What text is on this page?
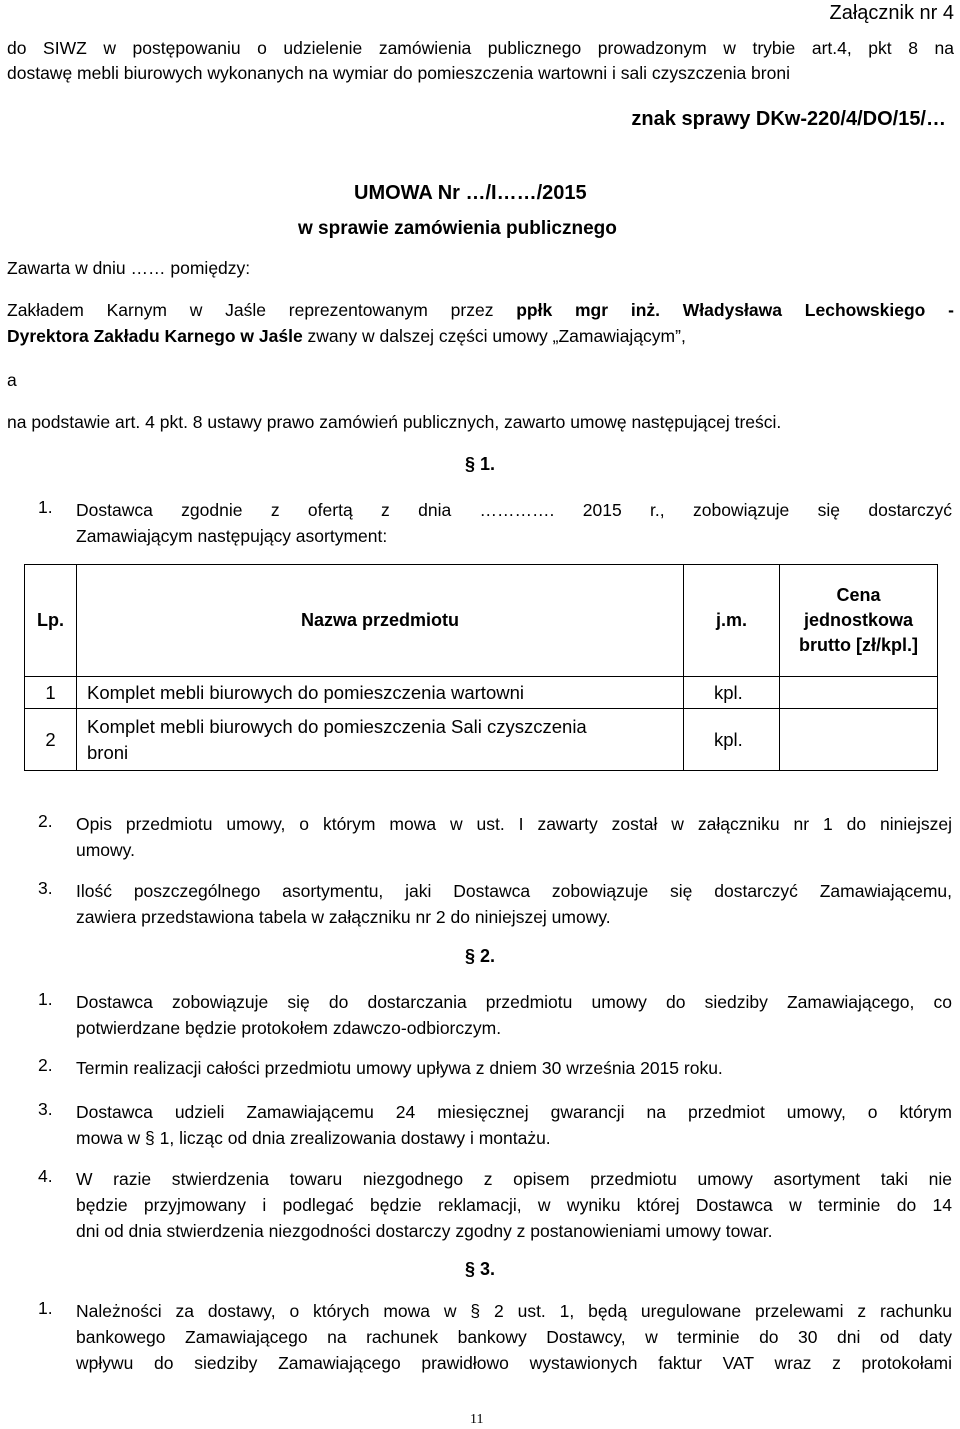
Załącznik nr 4
do SIWZ w postępowaniu o udzielenie zamówienia publicznego prowadzonym w trybie art.4, pkt 8 na
dostawę mebli biurowych wykonanych na wymiar do pomieszczenia wartowni i sali czyszczenia broni
znak sprawy DKw-220/4/DO/15/…
UMOWA Nr …/I……/2015
w sprawie zamówienia publicznego
Zawarta w dniu …… pomiędzy:
Zakładem Karnym w Jaśle reprezentowanym przez ppłk mgr inż. Władysława Lechowskiego -
Dyrektora Zakładu Karnego w Jaśle zwany w dalszej części umowy „Zamawiającym”,
a
na podstawie art. 4 pkt. 8 ustawy prawo zamówień publicznych, zawarto umowę następującej treści.
§ 1.
1. Dostawca zgodnie z ofertą z dnia …………. 2015 r., zobowiązuje się dostarczyć
Zamawiającym następujący asortyment:
Lp.	Nazwa przedmiotu	j.m.	Cena jednostkowa brutto [zł/kpl.]
1	Komplet mebli biurowych do pomieszczenia wartowni	kpl.	
2	Komplet mebli biurowych do pomieszczenia Sali czyszczenia broni	kpl.	
2. Opis przedmiotu umowy, o którym mowa w ust. I zawarty został w załączniku nr 1 do niniejszej
umowy.
3. Ilość poszczególnego asortymentu, jaki Dostawca zobowiązuje się dostarczyć Zamawiającemu,
zawiera przedstawiona tabela w załączniku nr 2 do niniejszej umowy.
§ 2.
1. Dostawca zobowiązuje się do dostarczania przedmiotu umowy do siedziby Zamawiającego, co
potwierdzane będzie protokołem zdawczo-odbiorczym.
2. Termin realizacji całości przedmiotu umowy upływa z dniem 30 września 2015 roku.
3. Dostawca udzieli Zamawiającemu 24 miesięcznej gwarancji na przedmiot umowy, o którym
mowa w § 1, licząc od dnia zrealizowania dostawy i montażu.
4. W razie stwierdzenia towaru niezgodnego z opisem przedmiotu umowy asortyment taki nie
będzie przyjmowany i podlegać będzie reklamacji, w wyniku której Dostawca w terminie do 14
dni od dnia stwierdzenia niezgodności dostarczy zgodny z postanowieniami umowy towar.
§ 3.
1. Należności za dostawy, o których mowa w § 2 ust. 1, będą uregulowane przelewami z rachunku
bankowego Zamawiającego na rachunek bankowy Dostawcy, w terminie do 30 dni od daty
wpływu do siedziby Zamawiającego prawidłowo wystawionych faktur VAT wraz z protokołami
11
